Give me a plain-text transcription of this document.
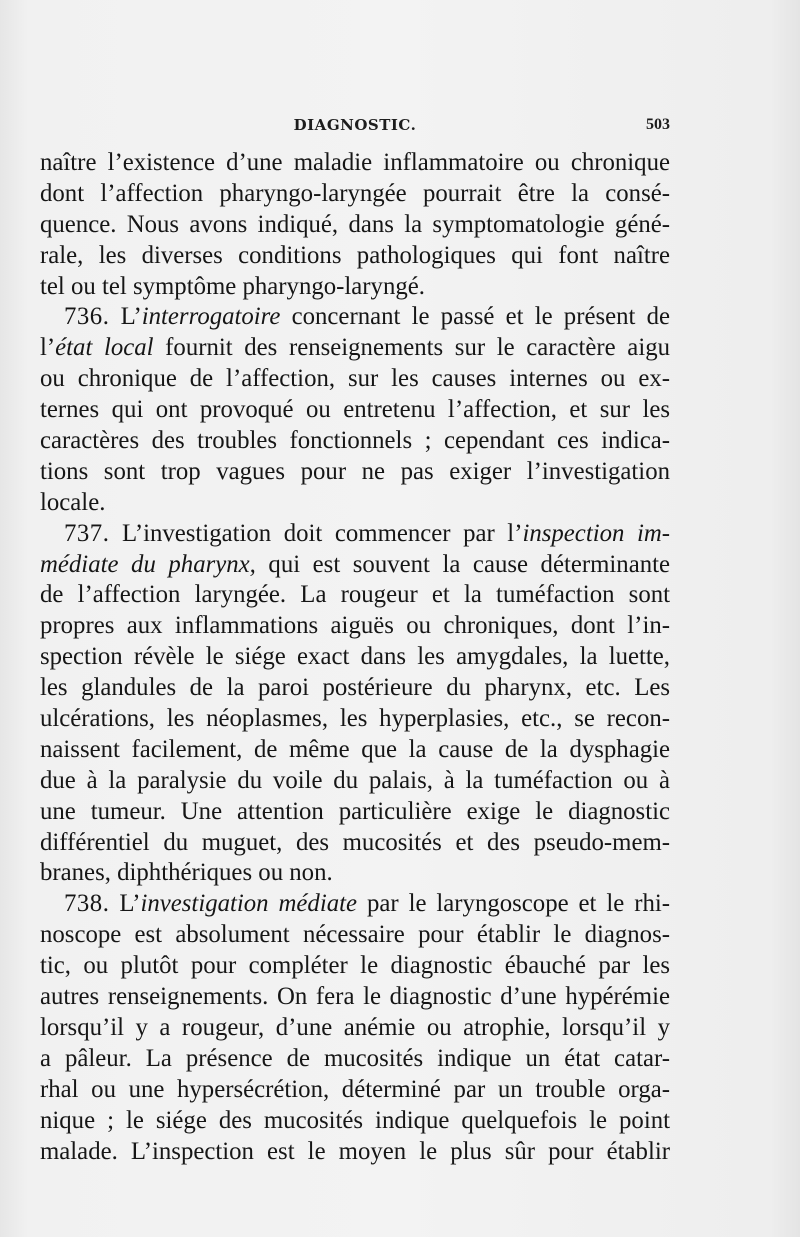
DIAGNOSTIC.	503
naître l’existence d’une maladie inflammatoire ou chronique
dont l’affection pharyngo-laryngée pourrait être la consé-
quence. Nous avons indiqué, dans la symptomatologie géné-
rale, les diverses conditions pathologiques qui font naître
tel ou tel symptôme pharyngo-laryngé.
736. L’interrogatoire concernant le passé et le présent de
l’état local fournit des renseignements sur le caractère aigu
ou chronique de l’affection, sur les causes internes ou ex-
ternes qui ont provoqué ou entretenu l’affection, et sur les
caractères des troubles fonctionnels ; cependant ces indica-
tions sont trop vagues pour ne pas exiger l’investigation
locale.
737. L’investigation doit commencer par l’inspection im-
médiate du pharynx, qui est souvent la cause déterminante
de l’affection laryngée. La rougeur et la tuméfaction sont
propres aux inflammations aiguës ou chroniques, dont l’in-
spection révèle le siége exact dans les amygdales, la luette,
les glandules de la paroi postérieure du pharynx, etc. Les
ulcérations, les néoplasmes, les hyperplasies, etc., se recon-
naissent facilement, de même que la cause de la dysphagie
due à la paralysie du voile du palais, à la tuméfaction ou à
une tumeur. Une attention particulière exige le diagnostic
différentiel du muguet, des mucosités et des pseudo-mem-
branes, diphthériques ou non.
738. L’investigation médiate par le laryngoscope et le rhi-
noscope est absolument nécessaire pour établir le diagnos-
tic, ou plutôt pour compléter le diagnostic ébauché par les
autres renseignements. On fera le diagnostic d’une hypérémie
lorsqu’il y a rougeur, d’une anémie ou atrophie, lorsqu’il y
a pâleur. La présence de mucosités indique un état catar-
rhal ou une hypersécrétion, déterminé par un trouble orga-
nique ; le siége des mucosités indique quelquefois le point
malade. L’inspection est le moyen le plus sûr pour établir
